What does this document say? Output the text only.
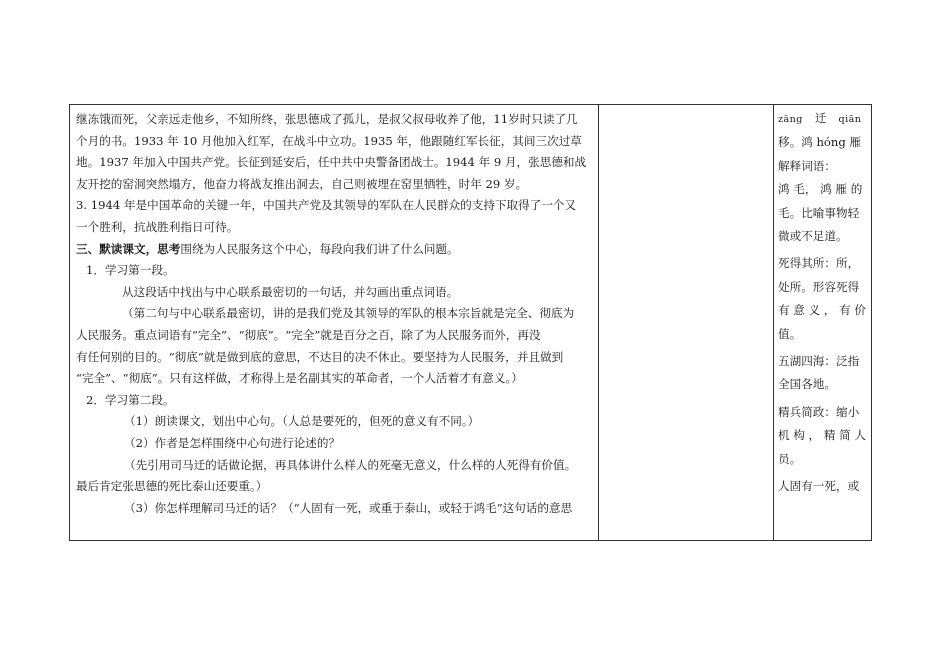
继冻饿而死，父亲远走他乡，不知所终，张思德成了孤儿，是叔父叔母收养了他，11岁时只读了几

个月的书。1933 年 10 月他加入红军，在战斗中立功。1935 年，他跟随红军长征，其间三次过草

地。1937 年加入中国共产党。长征到延安后，任中共中央警备团战士。1944 年 9 月，张思德和战

友开挖的窑洞突然塌方，他奋力将战友推出洞去，自己则被埋在窑里牺牲，时年 29 岁。

3. 1944 年是中国革命的关键一年，中国共产党及其领导的军队在人民群众的支持下取得了一个又

一个胜利，抗战胜利指日可待。

三、默读课文，思考围绕为人民服务这个中心，每段向我们讲了什么问题。

1．学习第一段。

从这段话中找出与中心联系最密切的一句话，并勾画出重点词语。

（第二句与中心联系最密切，讲的是我们党及其领导的军队的根本宗旨就是完全、彻底为

人民服务。重点词语有“完全”、“彻底”。“完全”就是百分之百，除了为人民服务而外，再没

有任何别的目的。“彻底”就是做到底的意思，不达目的决不休止。要坚持为人民服务，并且做到

“完全”、“彻底”。只有这样做，才称得上是名副其实的革命者，一个人活着才有意义。）

2．学习第二段。

（1）朗读课文，划出中心句。（人总是要死的，但死的意义有不同。）

（2）作者是怎样围绕中心句进行论述的？

（先引用司马迁的话做论据，再具体讲什么样人的死毫无意义，什么样的人死得有价值。

最后肯定张思德的死比泰山还要重。）

（3）你怎样理解司马迁的话？（“人固有一死，或重于泰山，或轻于鸿毛”这句话的意思

zāng 迁 qiān

移。鸿 hóng 雁

解释词语：

鸿 毛， 鸿 雁 的

毛。比喻事物轻

微或不足道。

死得其所：所，

处所。形容死得

有 意 义 ， 有 价

值。

五湖四海：泛指

全国各地。

精兵简政：缩小

机 构 ， 精 简 人

员。

人固有一死，或
